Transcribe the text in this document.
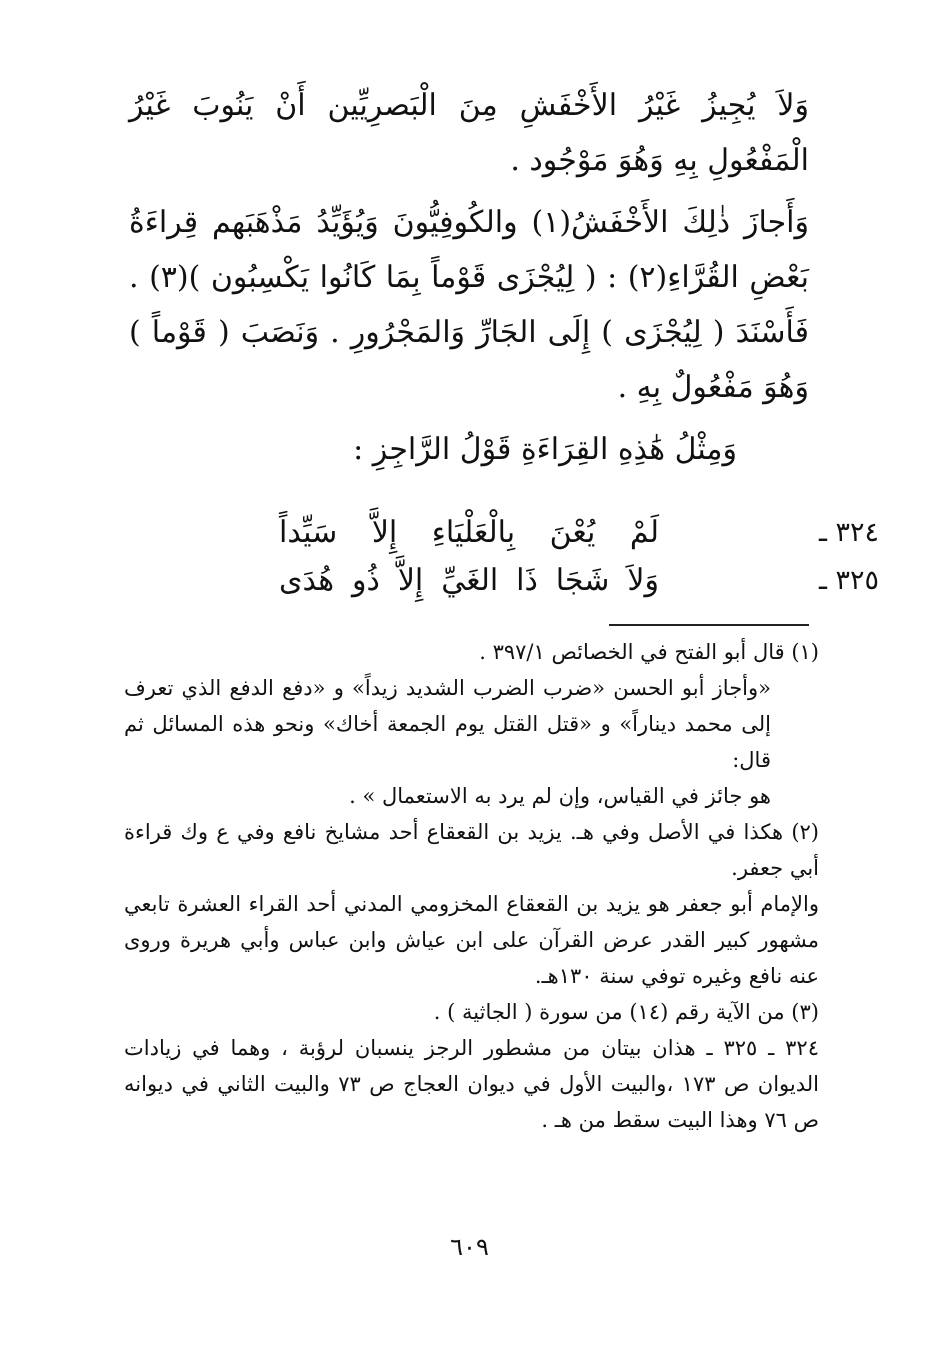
وَلاَ يُجِيزُ غَيْرُ الأَخْفَشِ مِنَ الْبَصرِيِّين أَنْ يَنُوبَ غَيْرُ الْمَفْعُولِ بِهِ وَهُوَ مَوْجُود .

وَأَجازَ ذٰلِكَ الأَخْفَشُ(١) والكُوفِيُّونَ وَيُؤَيِّدُ مَذْهَبَهم قِراءَةُ بَعْضِ القُرَّاءِ(٢) : ( لِيُجْزَى قَوْماً بِمَا كَانُوا يَكْسِبُون )(٣) . فَأَسْنَدَ ( لِيُجْزَى ) إِلَى الجَارِّ وَالمَجْرُورِ . وَنَصَبَ ( قَوْماً ) وَهُوَ مَفْعُولٌ بِهِ .

وَمِثْلُ هَٰذِهِ القِرَاءَةِ قَوْلُ الرَّاجِزِ :

٣٢٤ ـ
لَمْ يُعْنَ بِالْعَلْيَاءِ إِلاَّ سَيِّداً
٣٢٥ ـ
وَلاَ شَجَا ذَا الغَيِّ إِلاَّ ذُو هُدَى

(١) قال أبو الفتح في الخصائص ٣٩٧/١ .

«وأجاز أبو الحسن «ضرب الضرب الشديد زيداً» و «دفع الدفع الذي تعرف إلى محمد ديناراً» و «قتل القتل يوم الجمعة أخاك» ونحو هذه المسائل ثم قال:

هو جائز في القياس، وإن لم يرد به الاستعمال » .

(٢) هكذا في الأصل وفي هـ. يزيد بن القعقاع أحد مشايخ نافع وفي ع وك قراءة أبي جعفر.

والإمام أبو جعفر هو يزيد بن القعقاع المخزومي المدني أحد القراء العشرة تابعي مشهور كبير القدر عرض القرآن على ابن عياش وابن عباس وأبي هريرة وروى عنه نافع وغيره توفي سنة ١٣٠هـ.

(٣) من الآية رقم (١٤) من سورة ( الجاثية ) .

٣٢٤ ـ ٣٢٥ ـ هذان بيتان من مشطور الرجز ينسبان لرؤبة ، وهما في زيادات الديوان ص ١٧٣ ،والبيت الأول في ديوان العجاج ص ٧٣ والبيت الثاني في ديوانه ص ٧٦ وهذا البيت سقط من هـ .

٦٠٩
